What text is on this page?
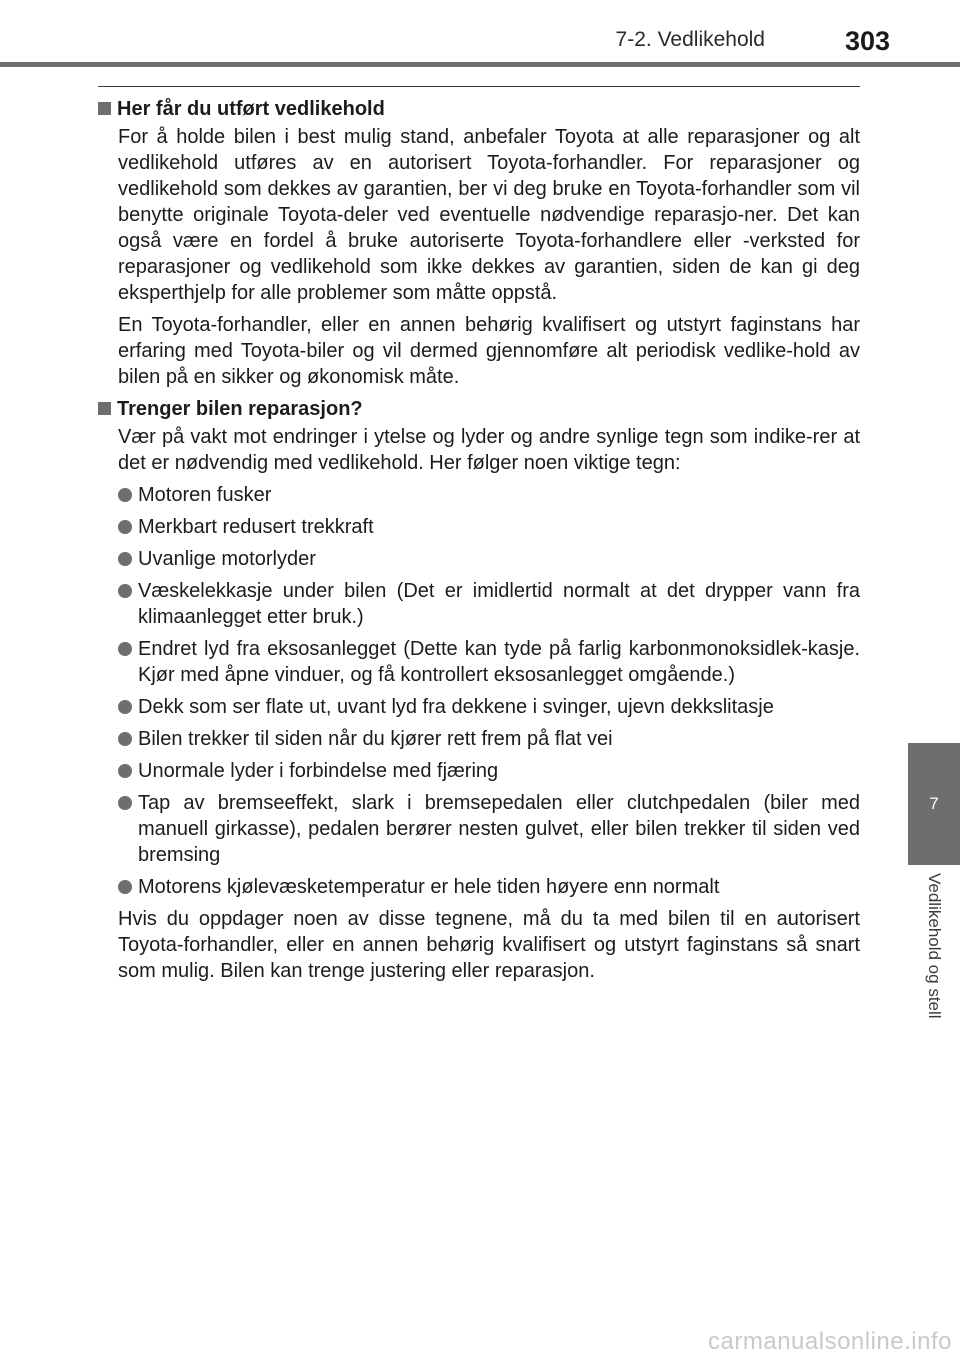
7-2. Vedlikehold	303
7
Vedlikehold og stell
Her får du utført vedlikehold

For å holde bilen i best mulig stand, anbefaler Toyota at alle reparasjoner og alt vedlikehold utføres av en autorisert Toyota-forhandler. For reparasjoner og vedlikehold som dekkes av garantien, ber vi deg bruke en Toyota-forhandler som vil benytte originale Toyota-deler ved eventuelle nødvendige reparasjo-ner. Det kan også være en fordel å bruke autoriserte Toyota-forhandlere eller -verksted for reparasjoner og vedlikehold som ikke dekkes av garantien, siden de kan gi deg eksperthjelp for alle problemer som måtte oppstå.

En Toyota-forhandler, eller en annen behørig kvalifisert og utstyrt faginstans har erfaring med Toyota-biler og vil dermed gjennomføre alt periodisk vedlike-hold av bilen på en sikker og økonomisk måte.

Trenger bilen reparasjon?

Vær på vakt mot endringer i ytelse og lyder og andre synlige tegn som indike-rer at det er nødvendig med vedlikehold. Her følger noen viktige tegn:

Motoren fusker
Merkbart redusert trekkraft
Uvanlige motorlyder
Væskelekkasje under bilen (Det er imidlertid normalt at det drypper vann fra klimaanlegget etter bruk.)
Endret lyd fra eksosanlegget (Dette kan tyde på farlig karbonmonoksidlek-kasje. Kjør med åpne vinduer, og få kontrollert eksosanlegget omgående.)
Dekk som ser flate ut, uvant lyd fra dekkene i svinger, ujevn dekkslitasje
Bilen trekker til siden når du kjører rett frem på flat vei
Unormale lyder i forbindelse med fjæring
Tap av bremseeffekt, slark i bremsepedalen eller clutchpedalen (biler med manuell girkasse), pedalen berører nesten gulvet, eller bilen trekker til siden ved bremsing
Motorens kjølevæsketemperatur er hele tiden høyere enn normalt

Hvis du oppdager noen av disse tegnene, må du ta med bilen til en autorisert Toyota-forhandler, eller en annen behørig kvalifisert og utstyrt faginstans så snart som mulig. Bilen kan trenge justering eller reparasjon.

carmanualsonline.info
